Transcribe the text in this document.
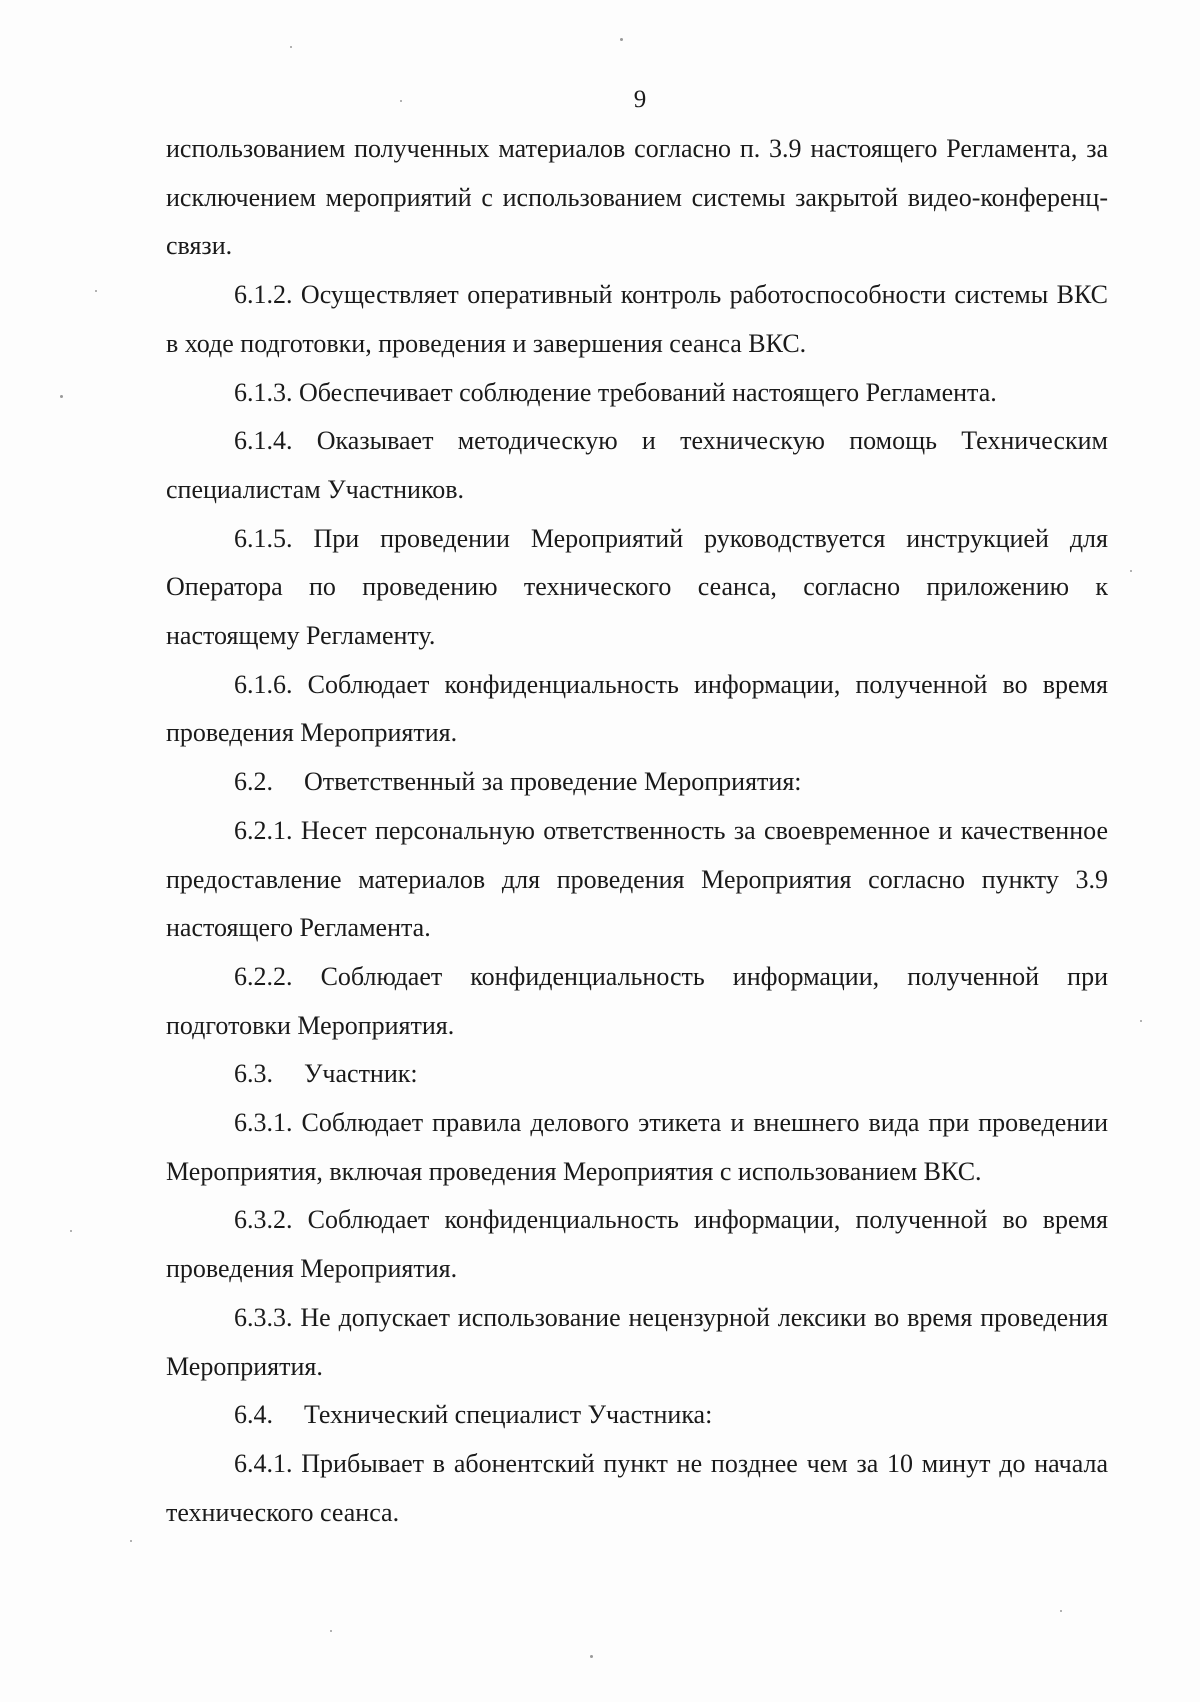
9

использованием полученных материалов согласно п. 3.9 настоящего Регламента, за исключением мероприятий с использованием системы закрытой видео-конференц-связи.

6.1.2. Осуществляет оперативный контроль работоспособности системы ВКС в ходе подготовки, проведения и завершения сеанса ВКС.

6.1.3. Обеспечивает соблюдение требований настоящего Регламента.

6.1.4. Оказывает методическую и техническую помощь Техническим специалистам Участников.

6.1.5. При проведении Мероприятий руководствуется инструкцией для Оператора по проведению технического сеанса, согласно приложению к настоящему Регламенту.

6.1.6. Соблюдает конфиденциальность информации, полученной во время проведения Мероприятия.

6.2. Ответственный за проведение Мероприятия:

6.2.1. Несет персональную ответственность за своевременное и качественное предоставление материалов для проведения Мероприятия согласно пункту 3.9 настоящего Регламента.

6.2.2. Соблюдает конфиденциальность информации, полученной при подготовки Мероприятия.

6.3. Участник:

6.3.1. Соблюдает правила делового этикета и внешнего вида при проведении Мероприятия, включая проведения Мероприятия с использованием ВКС.

6.3.2. Соблюдает конфиденциальность информации, полученной во время проведения Мероприятия.

6.3.3. Не допускает использование нецензурной лексики во время проведения Мероприятия.

6.4. Технический специалист Участника:

6.4.1. Прибывает в абонентский пункт не позднее чем за 10 минут до начала технического сеанса.
